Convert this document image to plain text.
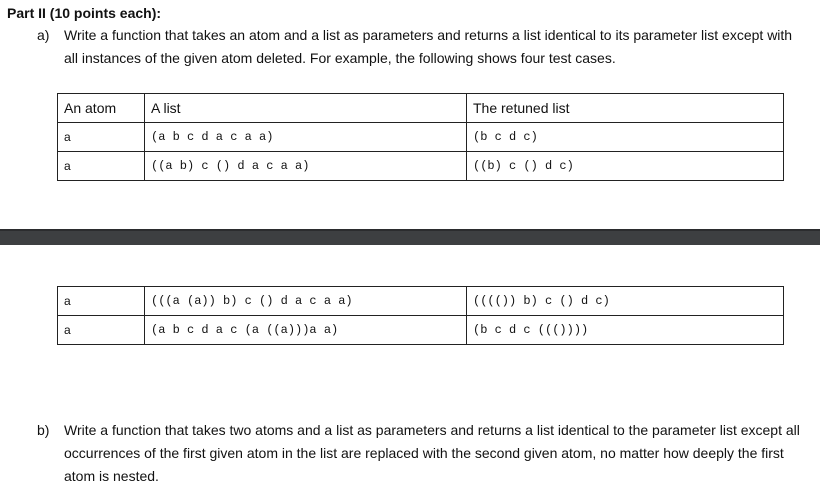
Part II (10 points each):

a) Write a function that takes an atom and a list as parameters and returns a list identical to its parameter list except with all instances of the given atom deleted. For example, the following shows four test cases.
An atom	A list	The retuned list
a	(a b c d a c a a)	(b c d c)
a	((a b) c () d a c a a)	((b) c () d c)
a	(((a (a)) b) c () d a c a a)	(((()) b) c () d c)
a	(a b c d a c (a ((a)))a a)	(b c d c ((())))
b) Write a function that takes two atoms and a list as parameters and returns a list identical to the parameter list except all occurrences of the first given atom in the list are replaced with the second given atom, no matter how deeply the first atom is nested.
